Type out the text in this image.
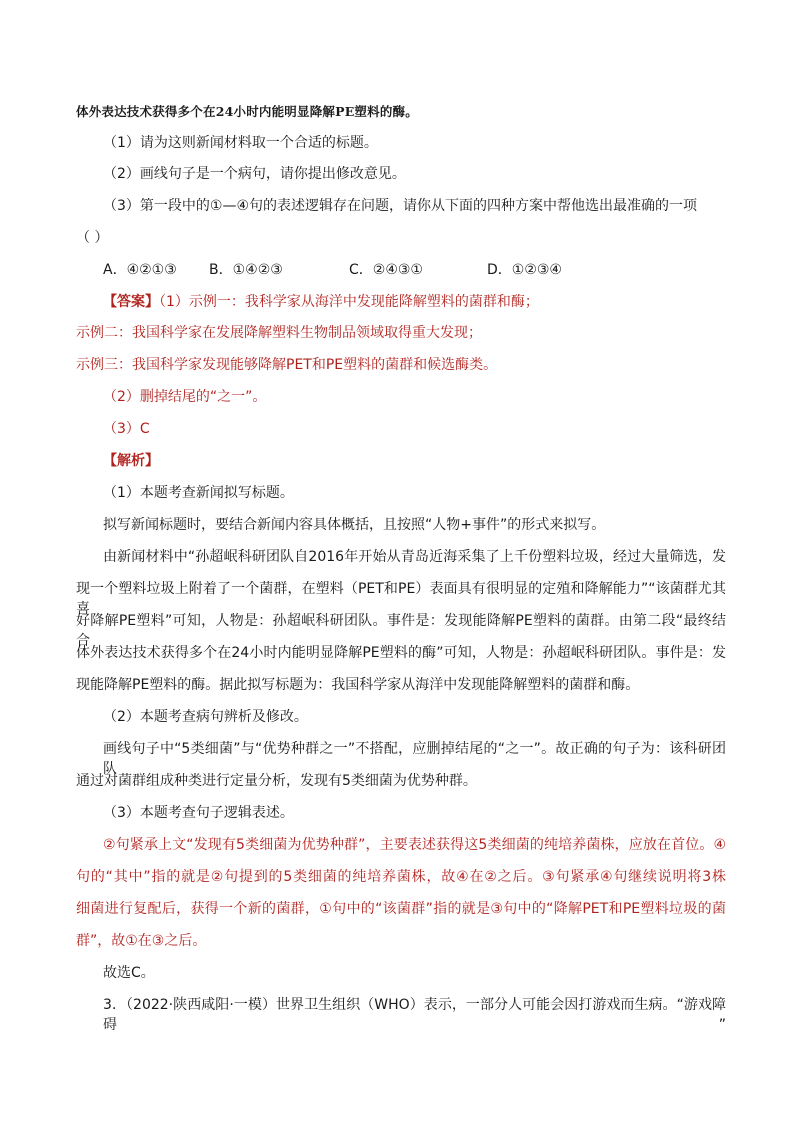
体外表达技术获得多个在24小时内能明显降解PE塑料的酶。
（1）请为这则新闻材料取一个合适的标题。
（2）画线句子是一个病句，请你提出修改意见。
（3）第一段中的①—④句的表述逻辑存在问题，请你从下面的四种方案中帮他选出最准确的一项
（ ）
A．④②①③ B．①④②③	C．②④③①	D．①②③④
【答案】（1）示例一：我科学家从海洋中发现能降解塑料的菌群和酶；
示例二：我国科学家在发展降解塑料生物制品领域取得重大发现；
示例三：我国科学家发现能够降解PET和PE塑料的菌群和候选酶类。
（2）删掉结尾的“之一”。
（3）C
【解析】
（1）本题考查新闻拟写标题。
拟写新闻标题时，要结合新闻内容具体概括，且按照“人物+事件”的形式来拟写。
由新闻材料中“孙超岷科研团队自2016年开始从青岛近海采集了上千份塑料垃圾，经过大量筛选，发
现一个塑料垃圾上附着了一个菌群，在塑料（PET和PE）表面具有很明显的定殖和降解能力”“该菌群尤其喜
好降解PE塑料”可知，人物是：孙超岷科研团队。事件是：发现能降解PE塑料的菌群。由第二段“最终结合
体外表达技术获得多个在24小时内能明显降解PE塑料的酶”可知，人物是：孙超岷科研团队。事件是：发
现能降解PE塑料的酶。据此拟写标题为：我国科学家从海洋中发现能降解塑料的菌群和酶。
（2）本题考查病句辨析及修改。
画线句子中“5类细菌”与“优势种群之一”不搭配，应删掉结尾的“之一”。故正确的句子为：该科研团队
通过对菌群组成种类进行定量分析，发现有5类细菌为优势种群。
（3）本题考查句子逻辑表述。
②句紧承上文“发现有5类细菌为优势种群”，主要表述获得这5类细菌的纯培养菌株，应放在首位。④
句的“其中”指的就是②句提到的5类细菌的纯培养菌株，故④在②之后。③句紧承④句继续说明将3株
细菌进行复配后，获得一个新的菌群，①句中的“该菌群”指的就是③句中的“降解PET和PE塑料垃圾的菌
群”，故①在③之后。
故选C。
3．（2022·陕西咸阳·一模）世界卫生组织（WHO）表示，一部分人可能会因打游戏而生病。“游戏障碍”
